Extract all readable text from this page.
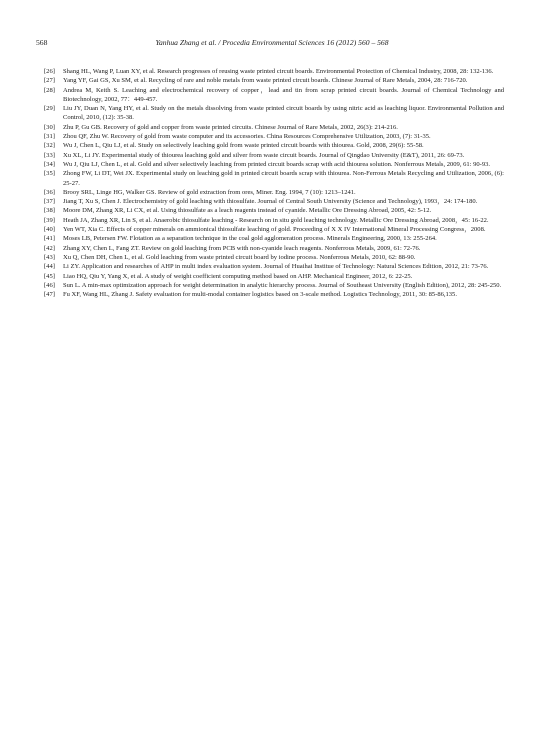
568	Yanhua Zhang et al. / Procedia Environmental Sciences 16 (2012) 560 – 568
[26] Shang HL, Wang P, Luan XY, et al. Research progresses of reusing waste printed circuit boards. Environmental Protection of Chemical Industry, 2008, 28: 132-136.
[27] Yang YF, Gai GS, Xu SM, et al. Recycling of rare and noble metals from waste printed circuit boards. Chinese Journal of Rare Metals, 2004, 28: 716-720.
[28] Andrea M, Keith S. Leaching and electrochemical recovery of copper，lead and tin from scrap printed circuit boards. Journal of Chemical Technology and Biotechnology, 2002, 77：449-457.
[29] Liu JY, Duan N, Yang HY, et al. Study on the metals dissolving from waste printed circuit boards by using nitric acid as leaching liquor. Environmental Pollution and Control, 2010, (12): 35-38.
[30] Zhu P, Gu GB. Recovery of gold and copper from waste printed circuits. Chinese Journal of Rare Metals, 2002, 26(3): 214-216.
[31] Zhou QF, Zhu W. Recovery of gold from waste computer and its accessories. China Resources Comprehensive Utilization, 2003, (7): 31-35.
[32] Wu J, Chen L, Qiu LJ, et al. Study on selectively leaching gold from waste printed circuit boards with thiourea. Gold, 2008, 29(6): 55-58.
[33] Xu XL, Li JY. Experimental study of thiourea leaching gold and silver from waste circuit boards. Journal of Qingdao University (E&T), 2011, 26: 69-73.
[34] Wu J, Qiu LJ, Chen L, et al. Gold and silver selectively leaching from printed circuit boards scrap with acid thiourea solution. Nonferrous Metals, 2009, 61: 90-93.
[35] Zhong FW, Li DT, Wei JX. Experimental study on leaching gold in printed circuit boards scrap with thiourea. Non-Ferrous Metals Recycling and Utilization, 2006, (6): 25-27.
[36] Brooy SRL, Linge HG, Walker GS. Review of gold extraction from ores, Miner. Eng. 1994, 7 (10): 1213–1241.
[37] Jiang T, Xu S, Chen J. Electrochemistry of gold leaching with thiosulfate. Journal of Central South University (Science and Technology), 1993，24: 174-180.
[38] Moore DM, Zhang XR, Li CX, et al. Using thiosulfate as a leach reagents instead of cyanide. Metallic Ore Dressing Abroad, 2005, 42: 5-12.
[39] Heath JA, Zhang XR, Lin S, et al. Anaerobic thiosulfate leaching - Research on in situ gold leaching technology. Metallic Ore Dressing Abroad, 2008，45: 16-22.
[40] Yen WT, Xia C. Effects of copper minerals on ammionical thiosulfate leaching of gold. Proceeding of X X IV International Mineral Processing Congress，2008.
[41] Moses LB, Petersen FW. Flotation as a separation technique in the coal gold agglomeration process. Minerals Engineering, 2000, 13: 255-264.
[42] Zhang XY, Chen L, Fang ZT. Review on gold leaching from PCB with non-cyanide leach reagents. Nonferrous Metals, 2009, 61: 72-76.
[43] Xu Q, Chen DH, Chen L, et al. Gold leaching from waste printed circuit board by iodine process. Nonferrous Metals, 2010, 62: 88-90.
[44] Li ZY. Application and researches of AHP in multi index evaluation system. Journal of Huaihai Institue of Technology: Natural Sciences Edition, 2012, 21: 73-76.
[45] Liao HQ, Qiu Y, Yang X, et al. A study of weight coefficient computing method based on AHP. Mechanical Engineer, 2012, 6: 22-25.
[46] Sun L. A min-max optimization approach for weight determination in analytic hierarchy process. Journal of Southeast University (English Edition), 2012, 28: 245-250.
[47] Fu XF, Wang HL, Zhang J. Safety evaluation for multi-modal container logistics based on 3-scale method. Logistics Technology, 2011, 30: 85-86,135.
